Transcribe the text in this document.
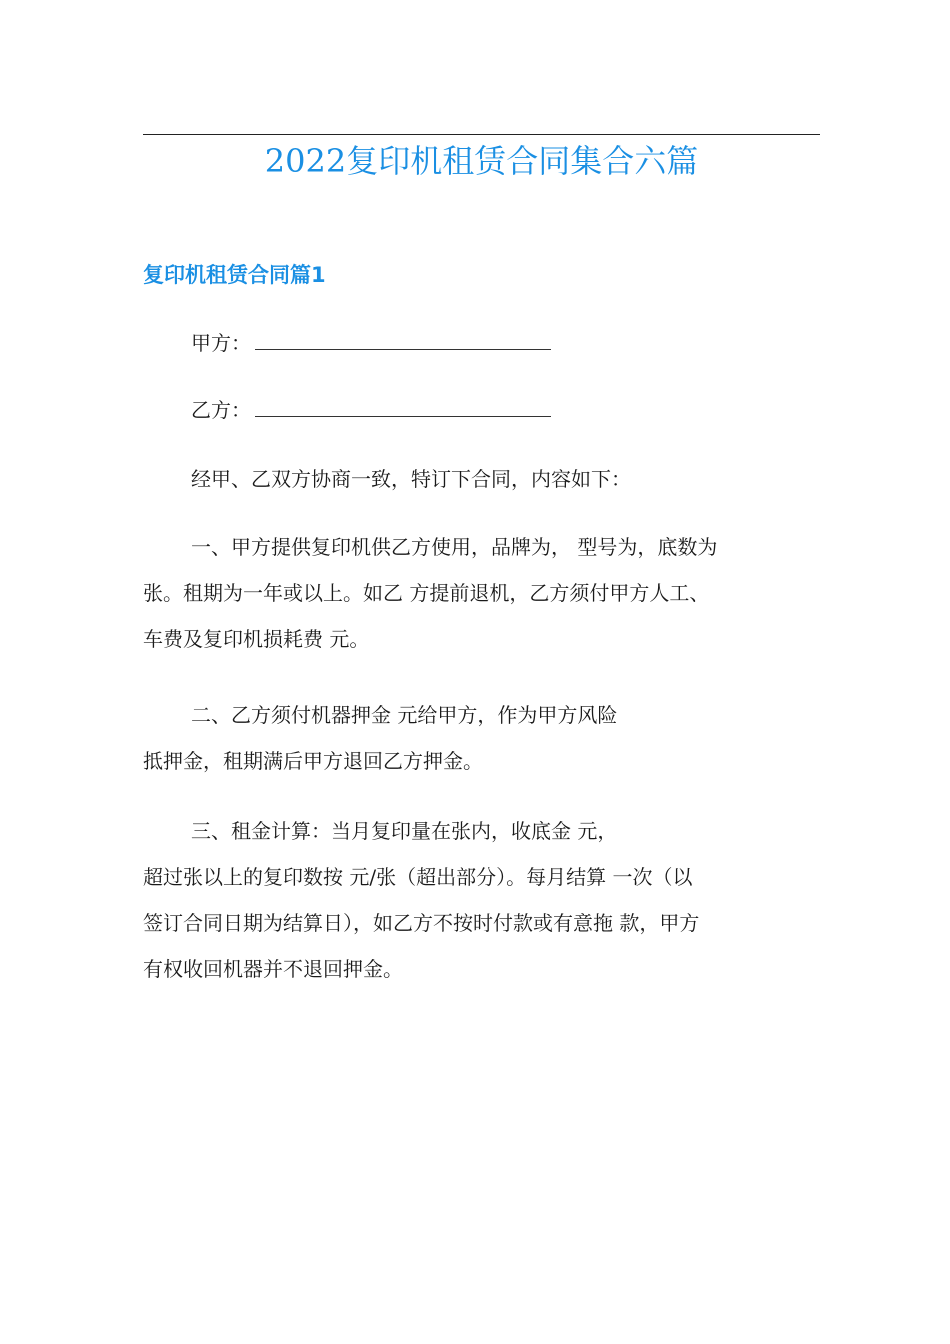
2022复印机租赁合同集合六篇
复印机租赁合同篇1
甲方：
乙方：
经甲、乙双方协商一致，特订下合同，内容如下：
一、甲方提供复印机供乙方使用，品牌为， 型号为，底数为
张。租期为一年或以上。如乙 方提前退机，乙方须付甲方人工、
车费及复印机损耗费 元。
二、乙方须付机器押金 元给甲方，作为甲方风险
抵押金，租期满后甲方退回乙方押金。
三、租金计算：当月复印量在张内，收底金 元，
超过张以上的复印数按 元/张（超出部分）。每月结算 一次（以
签订合同日期为结算日），如乙方不按时付款或有意拖 款，甲方
有权收回机器并不退回押金。
